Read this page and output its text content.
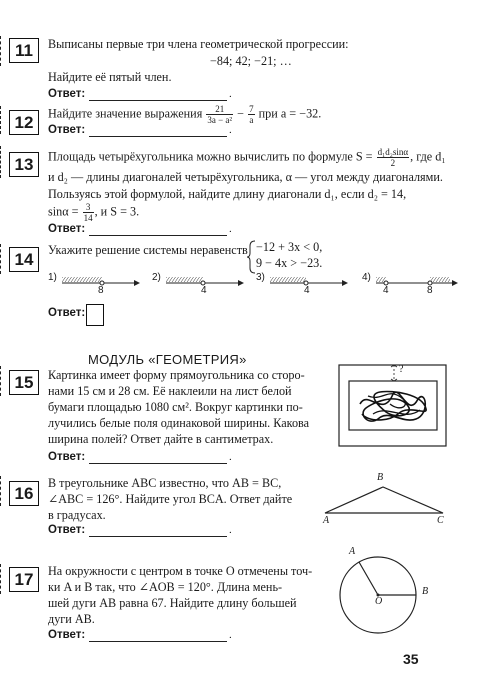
11	Выписаны первые три члена геометрической прогрессии:
−84; 42; −21; …
Найдите её пятый член.
Ответ:	.
12	Найдите значение выражения $\frac{21}{\text{3a − a²}} - \frac{7}{a}$ при a = −32.
Ответ:	.
13	Площадь четырёхугольника можно вычислить по формуле $S = \frac{\text{d₁d₂sinα}}{2}$ , где d₁
и d₂ — длины диагоналей четырёхугольника, α — угол между диагоналями.
Пользуясь этой формулой, найдите длину диагонали d₁, если d₂ = 14,
$\sin\alpha = \frac{3}{14}$ , и S = 3.
Ответ:	.
14	Укажите решение системы неравенств −12 + 3x < 0,
9 − 4x > −23.
1)
8
2)
4
3)
4
4)
4	8
Ответ:
МОДУЛЬ «ГЕОМЕТРИЯ»
15	Картинка имеет форму прямоугольника со сторо-
нами 15 см и 28 см. Её наклеили на лист белой
бумаги площадью 1080 см². Вокруг картинки по-
лучились белые поля одинаковой ширины. Какова
ширина полей? Ответ дайте в сантиметрах.
Ответ:	.
?
16
В треугольнике ABC известно, что AB = BC,
∠ABC = 126°. Найдите угол BCA. Ответ дайте
в градусах.
Ответ:	.
B
A	C
17	На окружности с центром в точке O отмечены точ-
ки A и B так, что ∠AOB = 120°. Длина мень-
шей дуги AB равна 67. Найдите длину большей
дуги AB.
Ответ:	.
A
B
O
35
